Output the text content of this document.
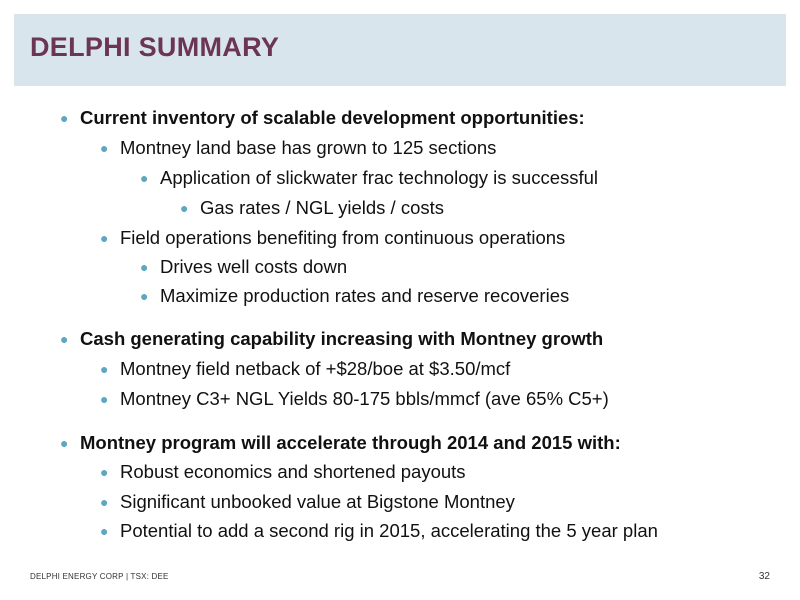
DELPHI SUMMARY
● Current inventory of scalable development opportunities:
● Montney land base has grown to 125 sections
● Application of slickwater frac technology is successful
● Gas rates / NGL yields / costs
● Field operations benefiting from continuous operations
● Drives well costs down
● Maximize production rates and reserve recoveries
● Cash generating capability increasing with Montney growth
● Montney field netback of +$28/boe at $3.50/mcf
● Montney C3+ NGL Yields 80-175 bbls/mmcf (ave 65% C5+)
● Montney program will accelerate through 2014 and 2015 with:
● Robust economics and shortened payouts
● Significant unbooked value at Bigstone Montney
● Potential to add a second rig in 2015, accelerating the 5 year plan
DELPHI ENERGY CORP | TSX: DEE	32
